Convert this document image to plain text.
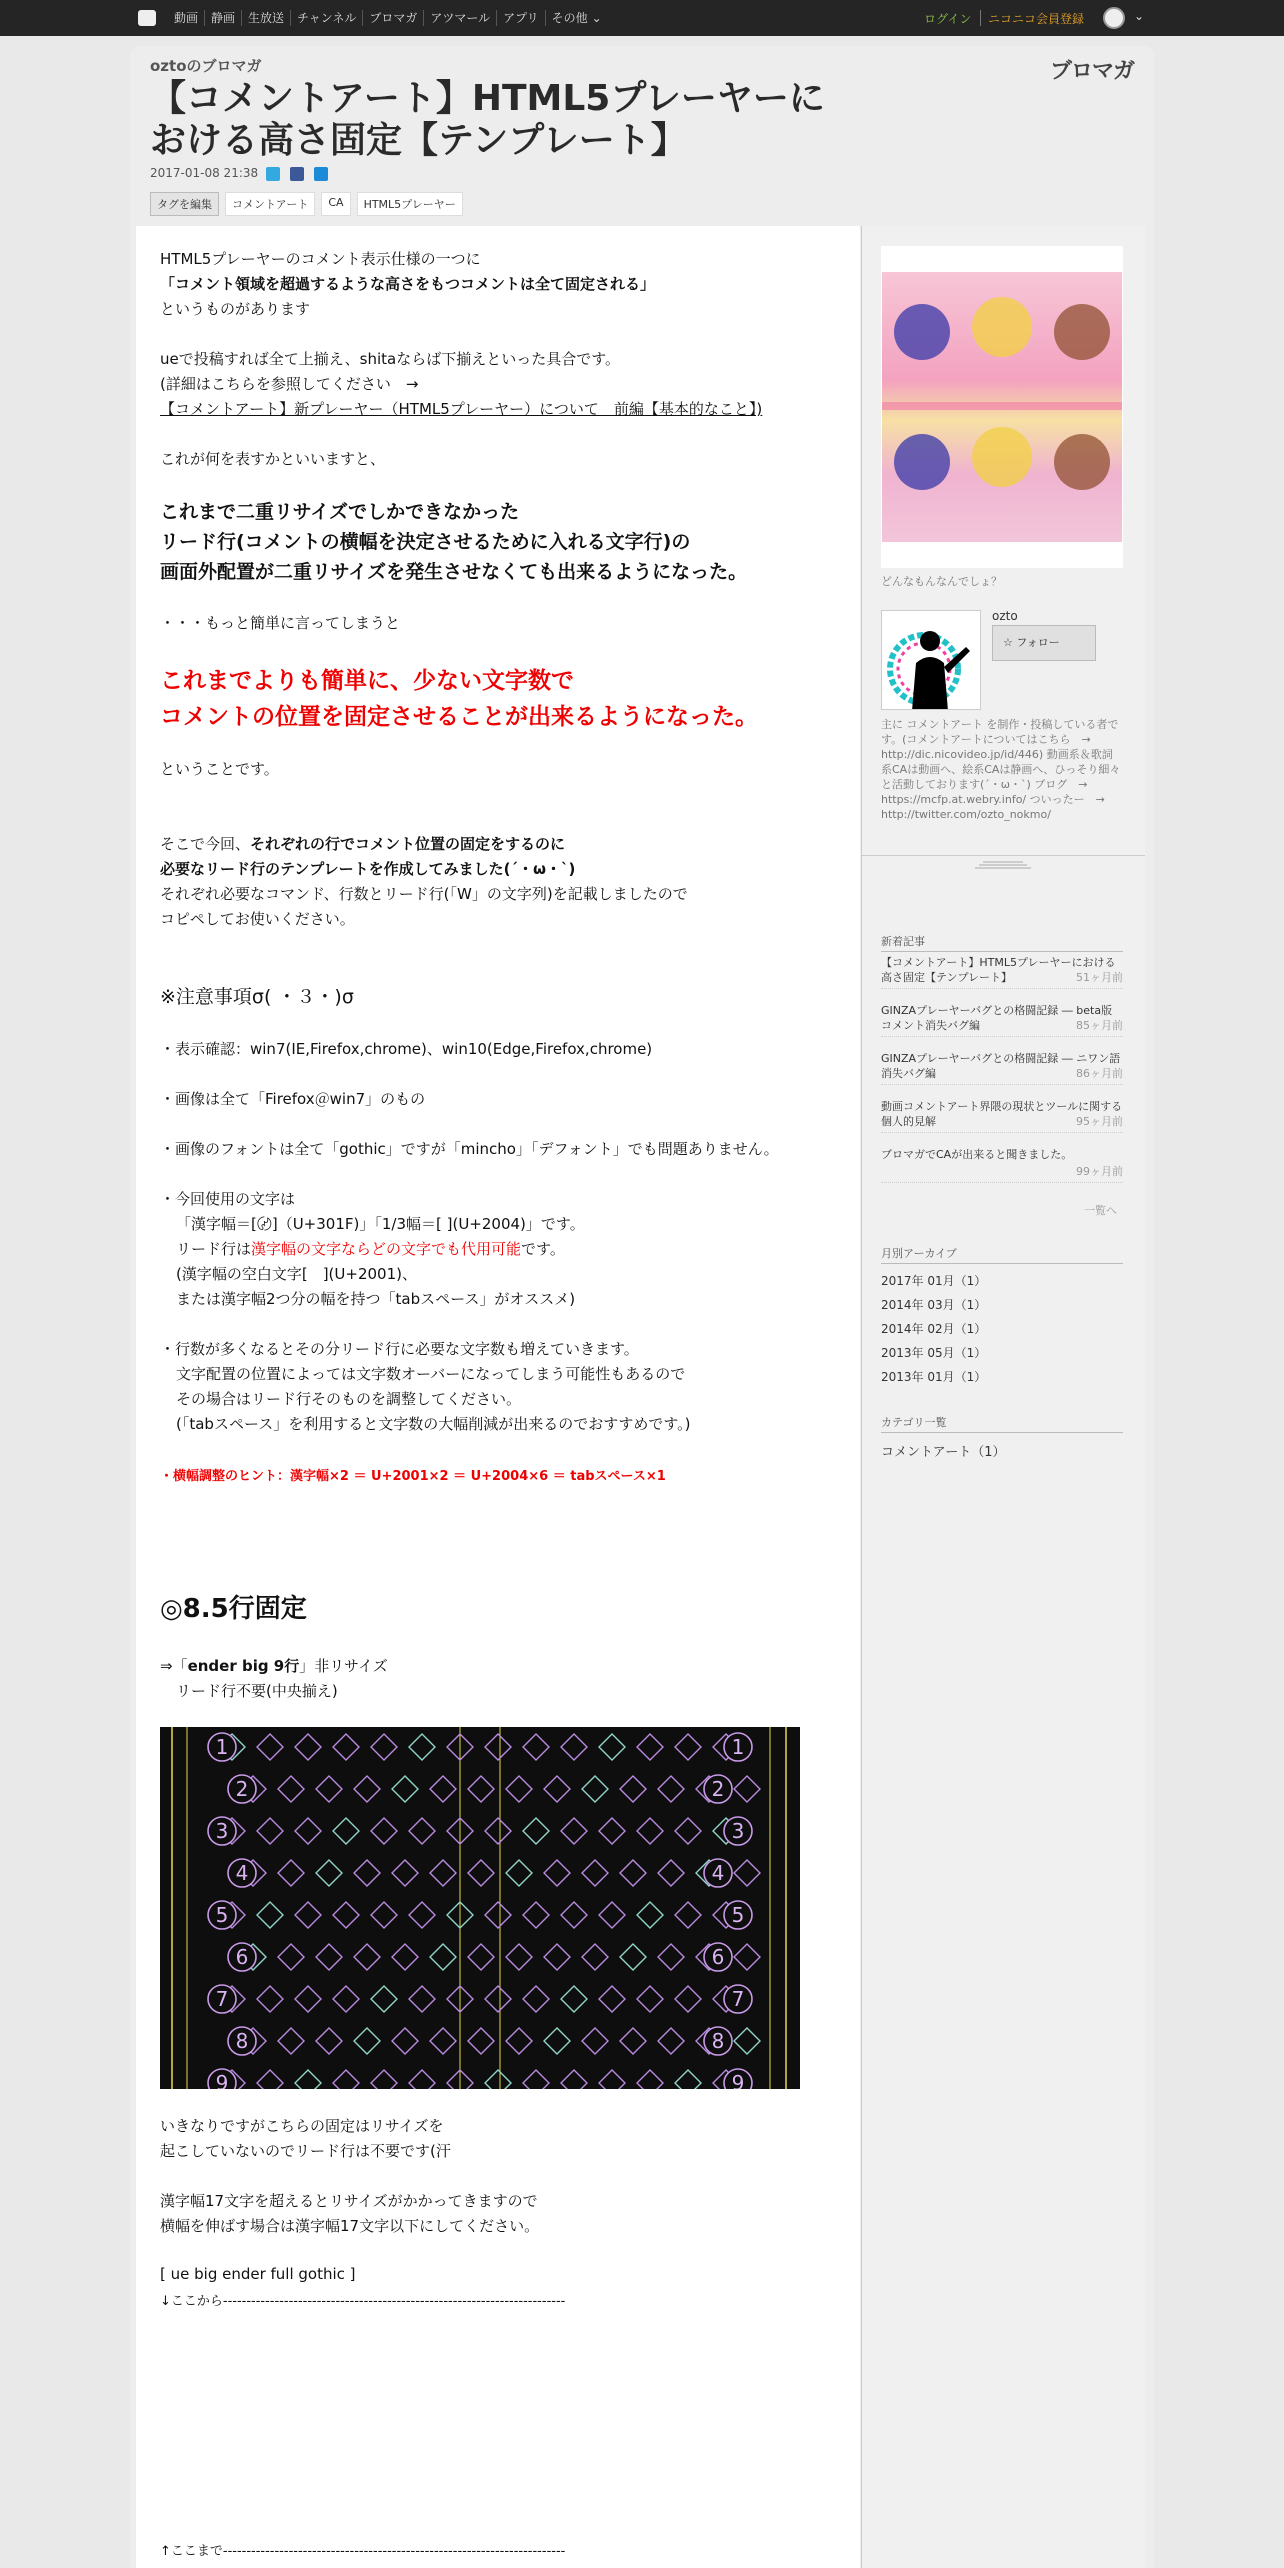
動画	静画	生放送	チャンネル	ブロマガ	アツマール	アプリ	その他 ⌄	ログイン ニコニコ会員登録	⌄
oztoのブロマガ	ブロマガ
【コメントアート】HTML5プレーヤーにおける高さ固定【テンプレート】
2017-01-08 21:38
タグを編集	コメントアート	CA	HTML5プレーヤー
HTML5プレーヤーのコメント表示仕様の一つに
「コメント領域を超過するような高さをもつコメントは全て固定される」
というものがあります
ueで投稿すれば全て上揃え、shitaならば下揃えといった具合です。
(詳細はこちらを参照してください　→
【コメントアート】新プレーヤー（HTML5プレーヤー）について　前編【基本的なこと】)
これが何を表すかといいますと、
これまで二重リサイズでしかできなかった
リード行(コメントの横幅を決定させるために入れる文字行)の
画面外配置が二重リサイズを発生させなくても出来るようになった。
・・・もっと簡単に言ってしまうと
これまでよりも簡単に、少ない文字数で
コメントの位置を固定させることが出来るようになった。
ということです。
そこで今回、それぞれの行でコメント位置の固定をするのに
必要なリード行のテンプレートを作成してみました(´・ω・`)
それぞれ必要なコマンド、行数とリード行(「W」の文字列)を記載しましたので
コピペしてお使いください。
※注意事項σ( ・３・)σ
・表示確認：win7(IE,Firefox,chrome)、win10(Edge,Firefox,chrome)
・画像は全て「Firefox＠win7」のもの
・画像のフォントは全て「gothic」ですが「mincho」「デフォント」でも問題ありません。
・今回使用の文字は
「漢字幅＝[〄]（U+301F)」「1/3幅＝[ ](U+2004)」です。
リード行は漢字幅の文字ならどの文字でも代用可能です。
(漢字幅の空白文字[　](U+2001)、
または漢字幅2つ分の幅を持つ「tabスペース」がオススメ)
・行数が多くなるとその分リード行に必要な文字数も増えていきます。
文字配置の位置によっては文字数オーバーになってしまう可能性もあるので
その場合はリード行そのものを調整してください。
(「tabスペース」を利用すると文字数の大幅削減が出来るのでおすすめです。)
・横幅調整のヒント：漢字幅×2 ＝ U+2001×2 ＝ U+2004×6 ＝ tabスペース×1
◎8.5行固定
⇒「ender big 9行」非リサイズ
リード行不要(中央揃え)
1	1
2	2
3	3
4	4
5	5
6	6
7	7
8	8
9	9
いきなりですがこちらの固定はリサイズを
起こしていないのでリード行は不要です(汗
漢字幅17文字を超えるとリサイズがかかってきますので
横幅を伸ばす場合は漢字幅17文字以下にしてください。
[ ue big ender full gothic ]
↓ここから-------------------------------------------------------------------------
↑ここまで-------------------------------------------------------------------------
どんなもんなんでしょ？
ozto
☆ フォロー
主に コメントアート を制作・投稿している者です。(コメントアートについてはこちら　→　http://dic.nicovideo.jp/id/446) 動画系＆歌詞系CAは動画へ、絵系CAは静画へ、ひっそり細々と活動しております(´・ω・`) ブログ　→　https://mcfp.at.webry.info/ ついったー　→　http://twitter.com/ozto_nokmo/
新着記事
【コメントアート】HTML5プレーヤーにおける高さ固定【テンプレート】	51ヶ月前
GINZAプレーヤーバグとの格闘記録 ― beta版コメント消失バグ編	85ヶ月前
GINZAプレーヤーバグとの格闘記録 ― ニワン語消失バグ編	86ヶ月前
動画コメントアート界隈の現状とツールに関する個人的見解	95ヶ月前
ブロマガでCAが出来ると聞きました。
99ヶ月前
一覧へ
月別アーカイブ
2017年 01月（1）
2014年 03月（1）
2014年 02月（1）
2013年 05月（1）
2013年 01月（1）
カテゴリ一覧
コメントアート（1）
